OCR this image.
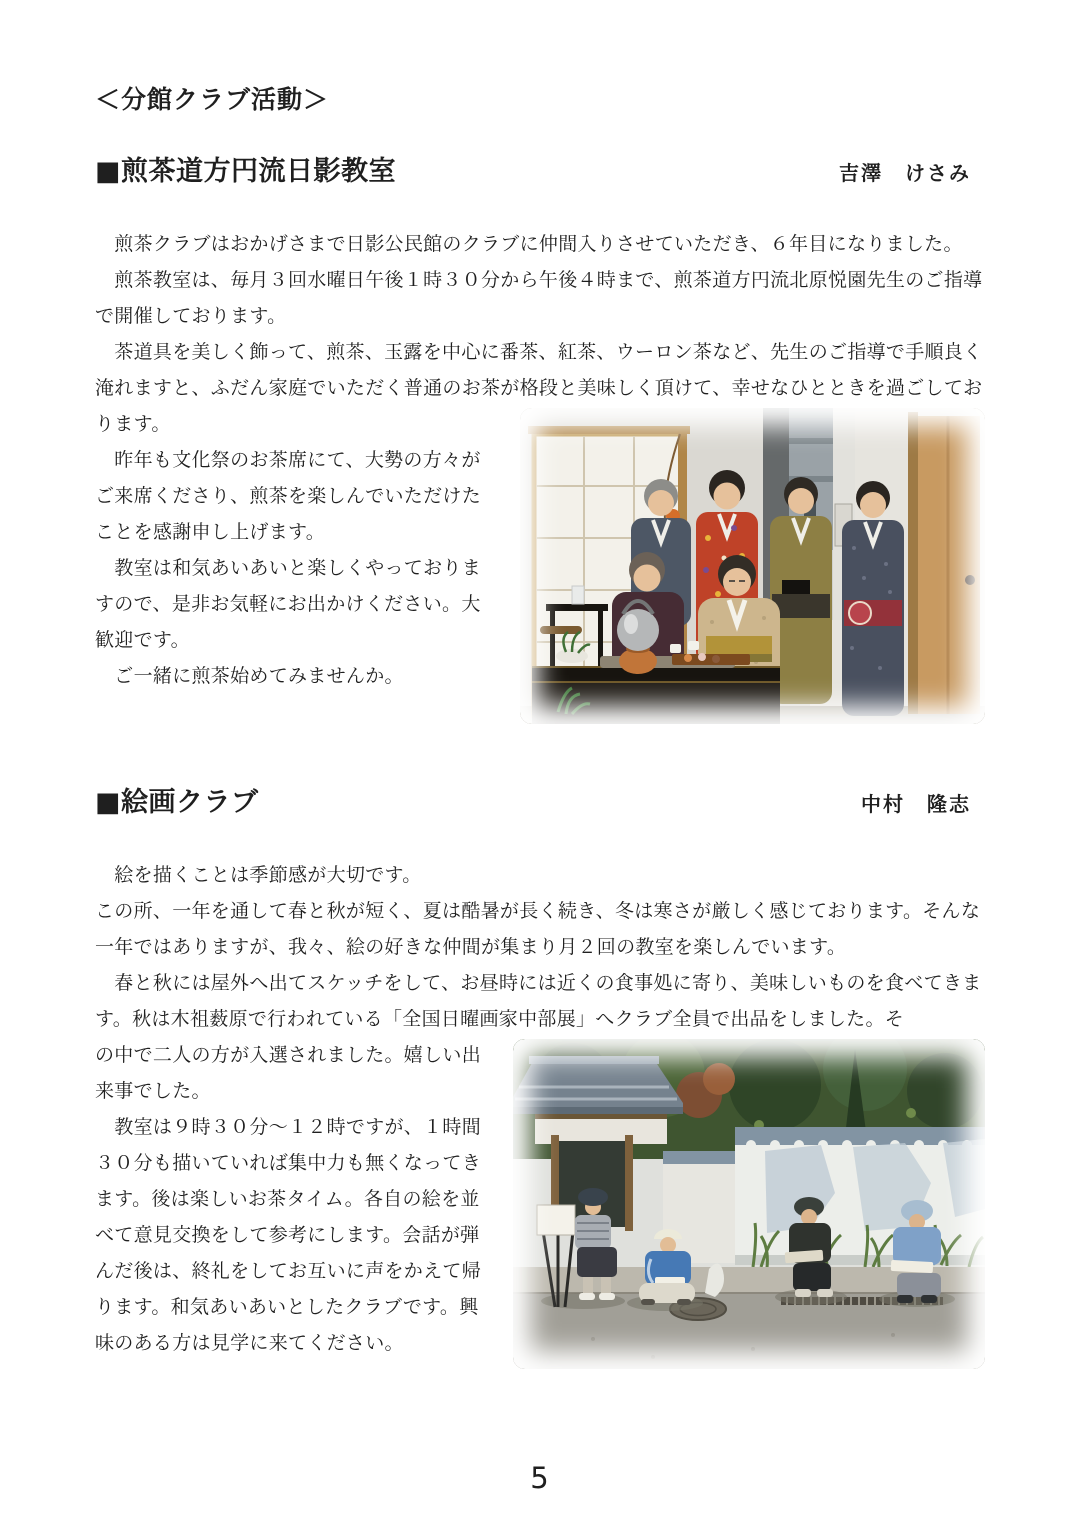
＜分館クラブ活動＞
■煎茶道方円流日影教室	吉澤　けさみ

　煎茶クラブはおかげさまで日影公民館のクラブに仲間入りさせていただき、６年目になりました。

　煎茶教室は、毎月３回水曜日午後１時３０分から午後４時まで、煎茶道方円流北原悦園先生のご指導で開催しております。

　茶道具を美しく飾って、煎茶、玉露を中心に番茶、紅茶、ウーロン茶など、先生のご指導で手順良く淹れますと、ふだん家庭でいただく普通のお茶が格段と美味しく頂けて、幸せなひとときを過ごしてお

ります。

　昨年も文化祭のお茶席にて、大勢の方々がご来席くださり、煎茶を楽しんでいただけたことを感謝申し上げます。

　教室は和気あいあいと楽しくやっておりますので、是非お気軽にお出かけください。大歓迎です。

　ご一緒に煎茶始めてみませんか。

■絵画クラブ	中村　隆志

　絵を描くことは季節感が大切です。

この所、一年を通して春と秋が短く、夏は酷暑が長く続き、冬は寒さが厳しく感じております。そんな一年ではありますが、我々、絵の好きな仲間が集まり月２回の教室を楽しんでいます。

　春と秋には屋外へ出てスケッチをして、お昼時には近くの食事処に寄り、美味しいものを食べてきます。秋は木祖薮原で行われている「全国日曜画家中部展」へクラブ全員で出品をしました。そ

の中で二人の方が入選されました。嬉しい出来事でした。

　教室は９時３０分～１２時ですが、１時間３０分も描いていれば集中力も無くなってきます。後は楽しいお茶タイム。各自の絵を並べて意見交換をして参考にします。会話が弾んだ後は、終礼をしてお互いに声をかえて帰ります。和気あいあいとしたクラブです。興味のある方は見学に来てください。

5
